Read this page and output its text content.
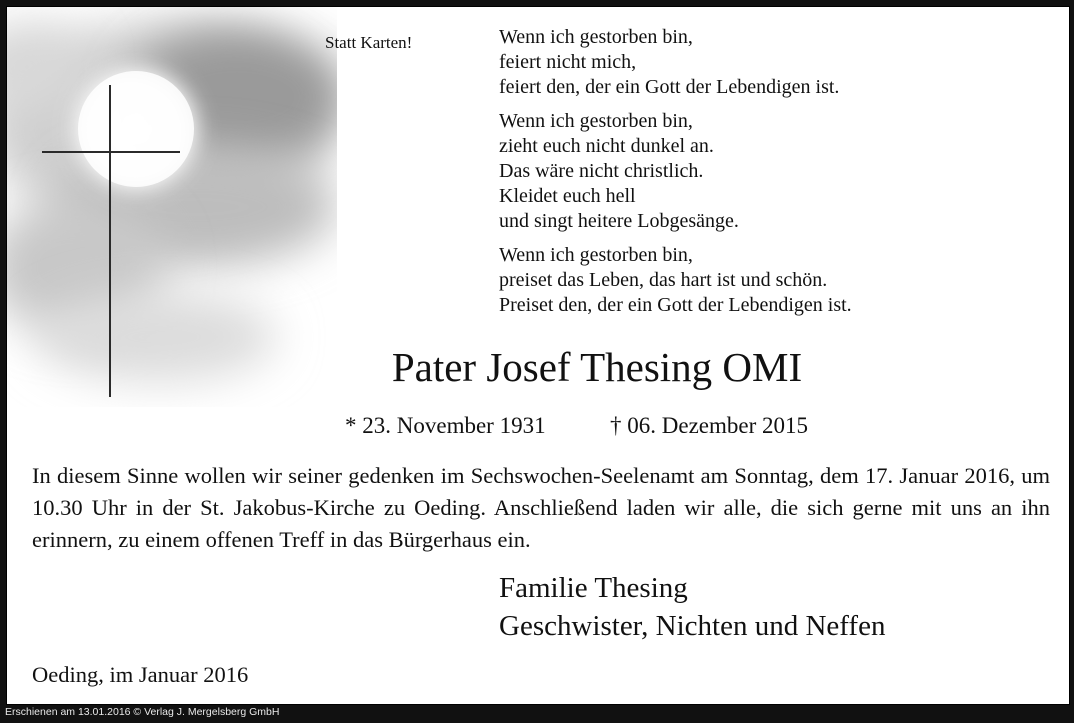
Statt Karten!	Wenn ich gestorben bin,
feiert nicht mich,
feiert den, der ein Gott der Lebendigen ist.
Wenn ich gestorben bin,
zieht euch nicht dunkel an.
Das wäre nicht christlich.
Kleidet euch hell
und singt heitere Lobgesänge.
Wenn ich gestorben bin,
preiset das Leben, das hart ist und schön.
Preiset den, der ein Gott der Lebendigen ist.
Pater Josef Thesing OMI
* 23. November 1931	† 06. Dezember 2015
In diesem Sinne wollen wir seiner gedenken im Sechswochen-Seelenamt am Sonntag, dem 17. Januar 2016, um 10.30 Uhr in der St. Jakobus-Kirche zu Oeding. Anschließend laden wir alle, die sich gerne mit uns an ihn erinnern, zu einem offenen Treff in das Bürgerhaus ein.
Familie Thesing
Geschwister, Nichten und Neffen
Oeding, im Januar 2016
Erschienen am 13.01.2016 © Verlag J. Mergelsberg GmbH
